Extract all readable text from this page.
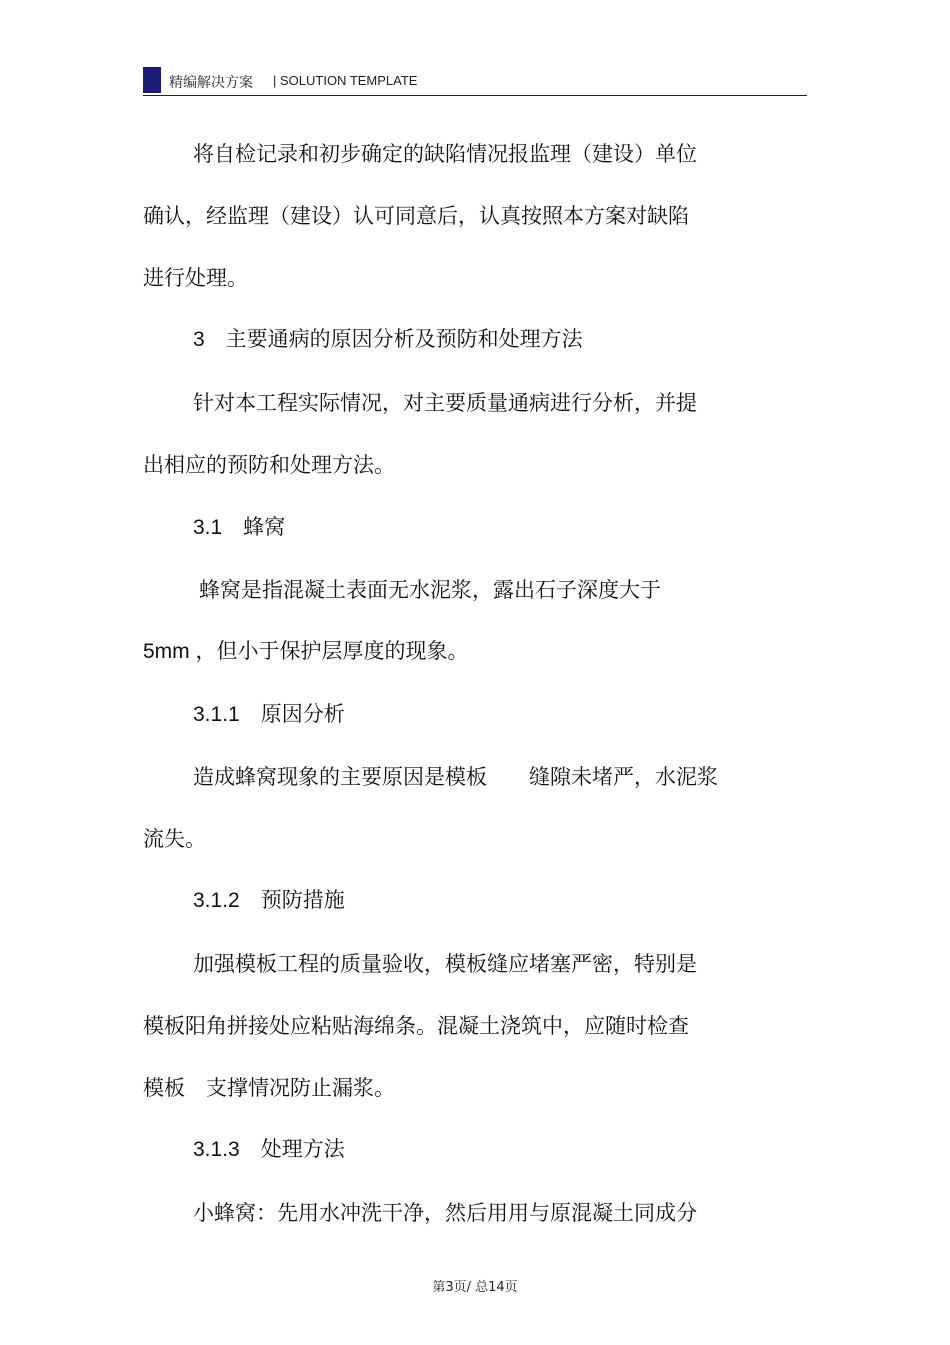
精编解决方案 | SOLUTION TEMPLATE
将自检记录和初步确定的缺陷情况报监理（建设）单位
确认，经监理（建设）认可同意后，认真按照本方案对缺陷
进行处理。
3　主要通病的原因分析及预防和处理方法
针对本工程实际情况，对主要质量通病进行分析，并提
出相应的预防和处理方法。
3.1　蜂窝
蜂窝是指混凝土表面无水泥浆，露出石子深度大于
5mm ，但小于保护层厚度的现象。
3.1.1　原因分析
造成蜂窝现象的主要原因是模板　　缝隙未堵严，水泥浆
流失。
3.1.2　预防措施
加强模板工程的质量验收，模板缝应堵塞严密，特别是
模板阳角拼接处应粘贴海绵条。混凝土浇筑中，应随时检查
模板　支撑情况防止漏浆。
3.1.3　处理方法
小蜂窝：先用水冲洗干净，然后用用与原混凝土同成分
第3页/ 总14页
